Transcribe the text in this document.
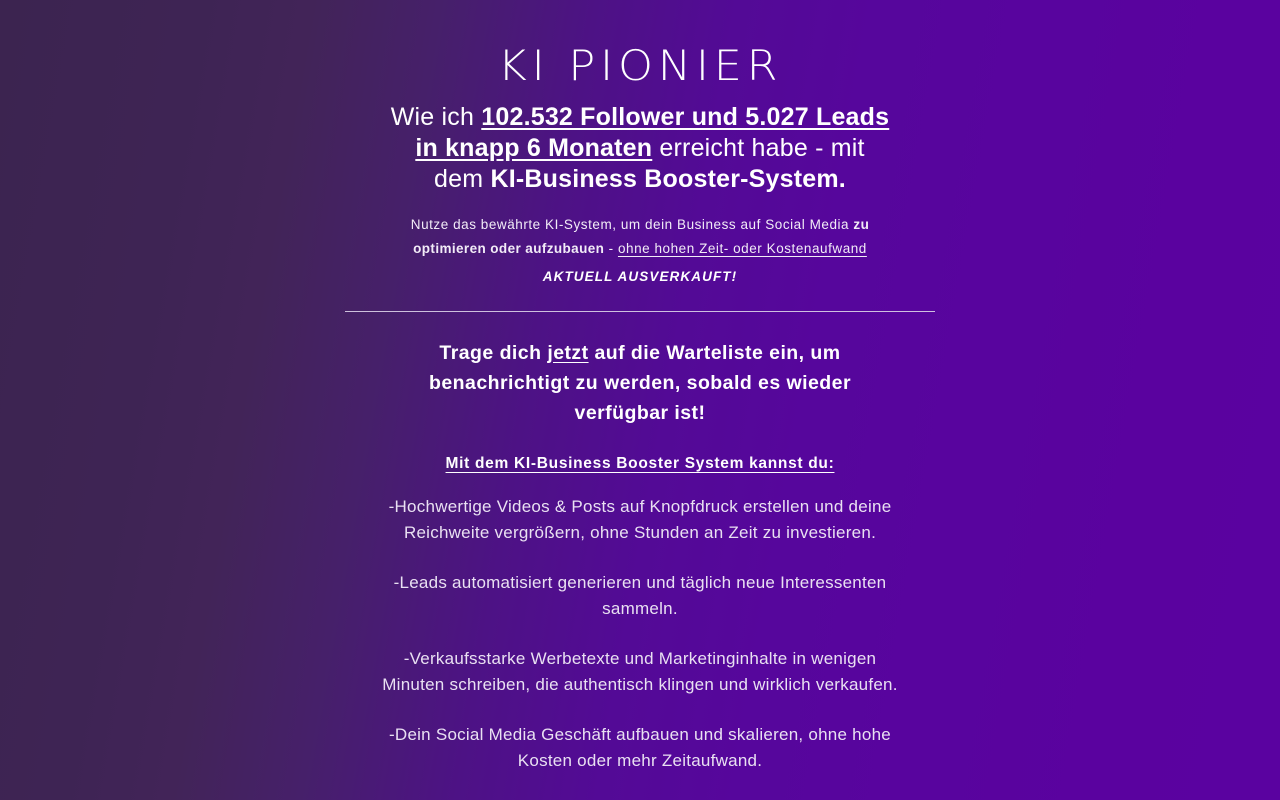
KI PIONIER
Wie ich 102.532 Follower und 5.027 Leads in knapp 6 Monaten erreicht habe - mit dem KI-Business Booster-System.

Nutze das bewährte KI-System, um dein Business auf Social Media zu optimieren oder aufzubauen - ohne hohen Zeit- oder Kostenaufwand
AKTUELL AUSVERKAUFT!

Trage dich jetzt auf die Warteliste ein, um benachrichtigt zu werden, sobald es wieder verfügbar ist!

Mit dem KI-Business Booster System kannst du:

-Hochwertige Videos & Posts auf Knopfdruck erstellen und deine Reichweite vergrößern, ohne Stunden an Zeit zu investieren.
-Leads automatisiert generieren und täglich neue Interessenten sammeln.
-Verkaufsstarke Werbetexte und Marketinginhalte in wenigen Minuten schreiben, die authentisch klingen und wirklich verkaufen.
-Dein Social Media Geschäft aufbauen und skalieren, ohne hohe Kosten oder mehr Zeitaufwand.
